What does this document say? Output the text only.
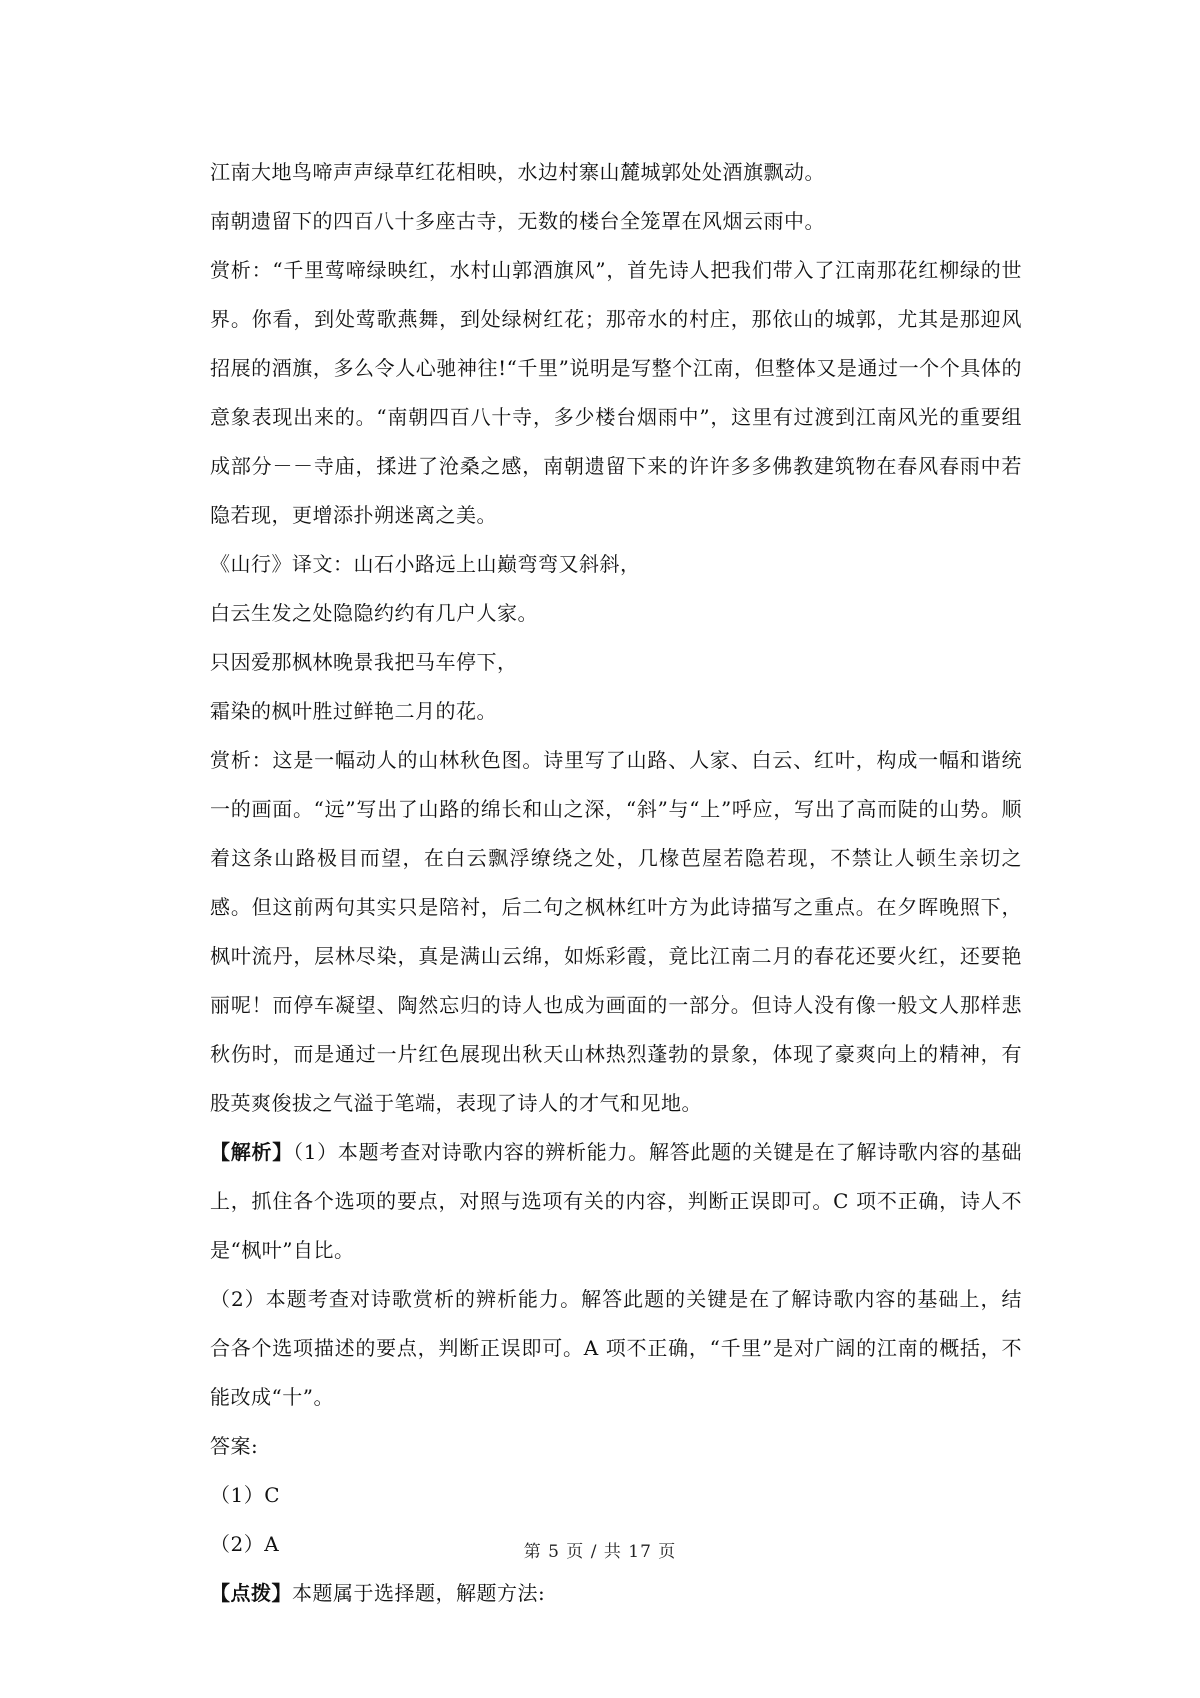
江南大地鸟啼声声绿草红花相映，水边村寨山麓城郭处处酒旗飘动。

南朝遗留下的四百八十多座古寺，无数的楼台全笼罩在风烟云雨中。

赏析：“千里莺啼绿映红，水村山郭酒旗风”，首先诗人把我们带入了江南那花红柳绿的世界。你看，到处莺歌燕舞，到处绿树红花；那帝水的村庄，那依山的城郭，尤其是那迎风招展的酒旗，多么令人心驰神往!“千里”说明是写整个江南，但整体又是通过一个个具体的意象表现出来的。“南朝四百八十寺，多少楼台烟雨中”，这里有过渡到江南风光的重要组成部分－－寺庙，揉进了沧桑之感，南朝遗留下来的许许多多佛教建筑物在春风春雨中若隐若现，更增添扑朔迷离之美。

《山行》译文：山石小路远上山巅弯弯又斜斜，

白云生发之处隐隐约约有几户人家。

只因爱那枫林晚景我把马车停下，

霜染的枫叶胜过鲜艳二月的花。

赏析：这是一幅动人的山林秋色图。诗里写了山路、人家、白云、红叶，构成一幅和谐统一的画面。“远”写出了山路的绵长和山之深，“斜”与“上”呼应，写出了高而陡的山势。顺着这条山路极目而望，在白云飘浮缭绕之处，几椽芭屋若隐若现，不禁让人顿生亲切之感。但这前两句其实只是陪衬，后二句之枫林红叶方为此诗描写之重点。在夕晖晚照下，枫叶流丹，层林尽染，真是满山云绵，如烁彩霞，竟比江南二月的春花还要火红，还要艳丽呢！而停车凝望、陶然忘归的诗人也成为画面的一部分。但诗人没有像一般文人那样悲秋伤时，而是通过一片红色展现出秋天山林热烈蓬勃的景象，体现了豪爽向上的精神，有股英爽俊拔之气溢于笔端，表现了诗人的才气和见地。

【解析】（1）本题考查对诗歌内容的辨析能力。解答此题的关键是在了解诗歌内容的基础上，抓住各个选项的要点，对照与选项有关的内容，判断正误即可。C 项不正确，诗人不是“枫叶”自比。

（2）本题考查对诗歌赏析的辨析能力。解答此题的关键是在了解诗歌内容的基础上，结合各个选项描述的要点，判断正误即可。A 项不正确，“千里”是对广阔的江南的概括，不能改成“十”。

答案:

（1）C

（2）A

【点拨】本题属于选择题，解题方法:

第 5 页 / 共 17 页
